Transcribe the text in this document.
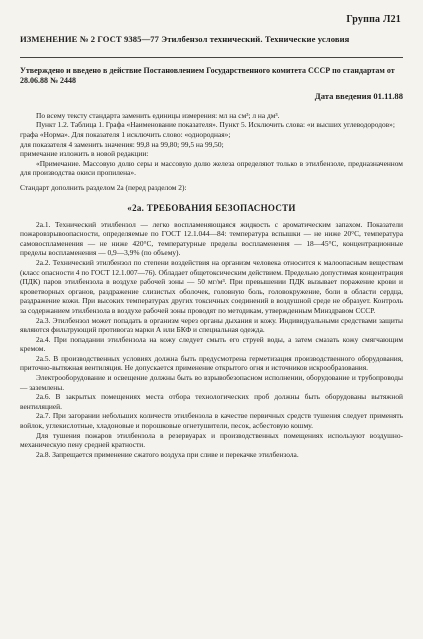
Группа Л21
ИЗМЕНЕНИЕ № 2 ГОСТ 9385—77 Этилбензол технический. Технические условия
Утверждено и введено в действие Постановлением Государственного комитета СССР по стандартам от 28.06.88 № 2448
Дата введения 01.11.88

По всему тексту стандарта заменить единицы измерения: мл на см³; л на дм³.

Пункт 1.2. Таблица 1. Графа «Наименование показателя». Пункт 5. Исключить слова: «и высших углеводородов»;

графа «Норма». Для показателя 1 исключить слово: «однородная»;

для показателя 4 заменить значения: 99,8 на 99,80; 99,5 на 99,50;

примечание изложить в новой редакции:

«Примечание. Массовую долю серы и массовую долю железа определяют только в этилбензоле, предназначенном для производства окиси пропилена».

Стандарт дополнить разделом 2а (перед разделом 2):

«2а. ТРЕБОВАНИЯ БЕЗОПАСНОСТИ

2а.1. Технический этилбензол — легко воспламеняющаяся жидкость с ароматическим запахом. Показатели пожаровзрывоопасности, определяемые по ГОСТ 12.1.044—84: температура вспышки — не ниже 20°С, температура самовоспламенения — не ниже 420°С, температурные пределы воспламенения — 18—45°С, концентрационные пределы воспламенения — 0,9—3,9% (по объему).

2а.2. Технический этилбензол по степени воздействия на организм человека относится к малоопасным веществам (класс опасности 4 по ГОСТ 12.1.007—76). Обладает общетоксическим действием. Предельно допустимая концентрация (ПДК) паров этилбензола в воздухе рабочей зоны — 50 мг/м³. При превышении ПДК вызывает поражение крови и кроветворных органов, раздражение слизистых оболочек, головную боль, головокружение, боли в области сердца, раздражение кожи. При высоких температурах других токсичных соединений в воздушной среде не образует. Контроль за содержанием этилбензола в воздухе рабочей зоны проводят по методикам, утвержденным Минздравом СССР.

2а.3. Этилбензол может попадать в организм через органы дыхания и кожу. Индивидуальными средствами защиты являются фильтрующий противогаз марки А или БКФ и специальная одежда.

2а.4. При попадании этилбензола на кожу следует смыть его струей воды, а затем смазать кожу смягчающим кремом.

2а.5. В производственных условиях должна быть предусмотрена герметизация производственного оборудования, приточно-вытяжная вентиляция. Не допускается применение открытого огня и источников искрообразования.

Электрооборудование и освещение должны быть во взрывобезопасном исполнении, оборудование и трубопроводы — заземлены.

2а.6. В закрытых помещениях места отбора технологических проб должны быть оборудованы вытяжной вентиляцией.

2а.7. При загорании небольших количеств этилбензола в качестве первичных средств тушения следует применять войлок, углекислотные, хладоновые и порошковые огнетушители, песок, асбестовую кошму.

Для тушения пожаров этилбензола в резервуарах и производственных помещениях используют воздушно-механическую пену средней кратности.

2а.8. Запрещается применение сжатого воздуха при сливе и перекачке этилбензола.
